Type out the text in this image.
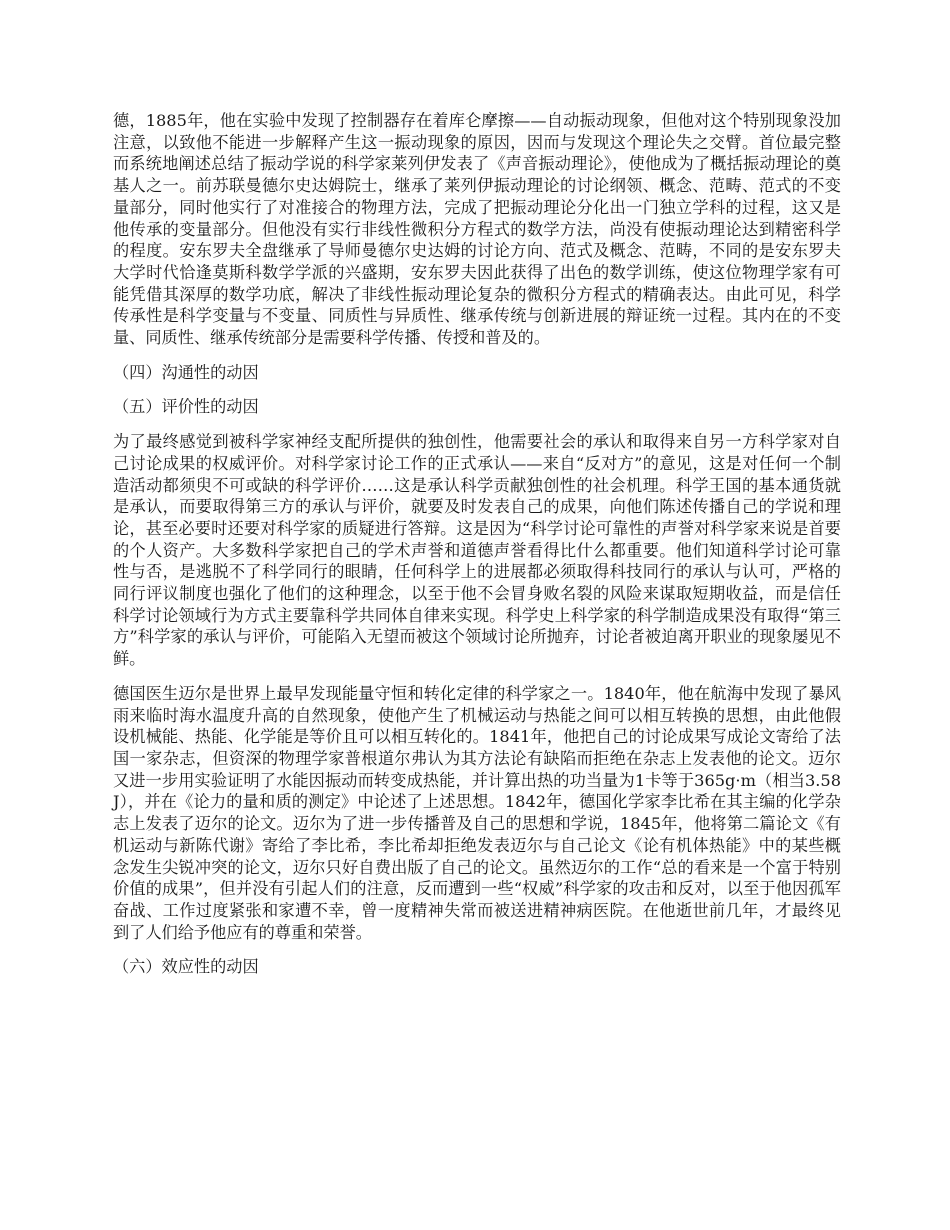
德，1885年，他在实验中发现了控制器存在着库仑摩擦——自动振动现象，但他对这个特别现象没加注意，以致他不能进一步解释产生这一振动现象的原因，因而与发现这个理论失之交臂。首位最完整而系统地阐述总结了振动学说的科学家莱列伊发表了《声音振动理论》，使他成为了概括振动理论的奠基人之一。前苏联曼德尔史达姆院士，继承了莱列伊振动理论的讨论纲领、概念、范畴、范式的不变量部分，同时他实行了对准接合的物理方法，完成了把振动理论分化出一门独立学科的过程，这又是他传承的变量部分。但他没有实行非线性微积分方程式的数学方法，尚没有使振动理论达到精密科学的程度。安东罗夫全盘继承了导师曼德尔史达姆的讨论方向、范式及概念、范畴，不同的是安东罗夫大学时代恰逢莫斯科数学学派的兴盛期，安东罗夫因此获得了出色的数学训练，使这位物理学家有可能凭借其深厚的数学功底，解决了非线性振动理论复杂的微积分方程式的精确表达。由此可见，科学传承性是科学变量与不变量、同质性与异质性、继承传统与创新进展的辩证统一过程。其内在的不变量、同质性、继承传统部分是需要科学传播、传授和普及的。

（四）沟通性的动因

（五）评价性的动因

为了最终感觉到被科学家神经支配所提供的独创性，他需要社会的承认和取得来自另一方科学家对自己讨论成果的权威评价。对科学家讨论工作的正式承认——来自“反对方”的意见，这是对任何一个制造活动都须臾不可或缺的科学评价……这是承认科学贡献独创性的社会机理。科学王国的基本通货就是承认，而要取得第三方的承认与评价，就要及时发表自己的成果，向他们陈述传播自己的学说和理论，甚至必要时还要对科学家的质疑进行答辩。这是因为“科学讨论可靠性的声誉对科学家来说是首要的个人资产。大多数科学家把自己的学术声誉和道德声誉看得比什么都重要。他们知道科学讨论可靠性与否，是逃脱不了科学同行的眼睛，任何科学上的进展都必须取得科技同行的承认与认可，严格的同行评议制度也强化了他们的这种理念，以至于他不会冒身败名裂的风险来谋取短期收益，而是信任科学讨论领域行为方式主要靠科学共同体自律来实现。科学史上科学家的科学制造成果没有取得“第三方”科学家的承认与评价，可能陷入无望而被这个领域讨论所抛弃，讨论者被迫离开职业的现象屡见不鲜。

德国医生迈尔是世界上最早发现能量守恒和转化定律的科学家之一。1840年，他在航海中发现了暴风雨来临时海水温度升高的自然现象，使他产生了机械运动与热能之间可以相互转换的思想，由此他假设机械能、热能、化学能是等价且可以相互转化的。1841年，他把自己的讨论成果写成论文寄给了法国一家杂志，但资深的物理学家普根道尔弗认为其方法论有缺陷而拒绝在杂志上发表他的论文。迈尔又进一步用实验证明了水能因振动而转变成热能，并计算出热的功当量为1卡等于365g·m（相当3.58J），并在《论力的量和质的测定》中论述了上述思想。1842年，德国化学家李比希在其主编的化学杂志上发表了迈尔的论文。迈尔为了进一步传播普及自己的思想和学说，1845年，他将第二篇论文《有机运动与新陈代谢》寄给了李比希，李比希却拒绝发表迈尔与自己论文《论有机体热能》中的某些概念发生尖锐冲突的论文，迈尔只好自费出版了自己的论文。虽然迈尔的工作“总的看来是一个富于特别价值的成果”，但并没有引起人们的注意，反而遭到一些“权威”科学家的攻击和反对，以至于他因孤军奋战、工作过度紧张和家遭不幸，曾一度精神失常而被送进精神病医院。在他逝世前几年，才最终见到了人们给予他应有的尊重和荣誉。

（六）效应性的动因
